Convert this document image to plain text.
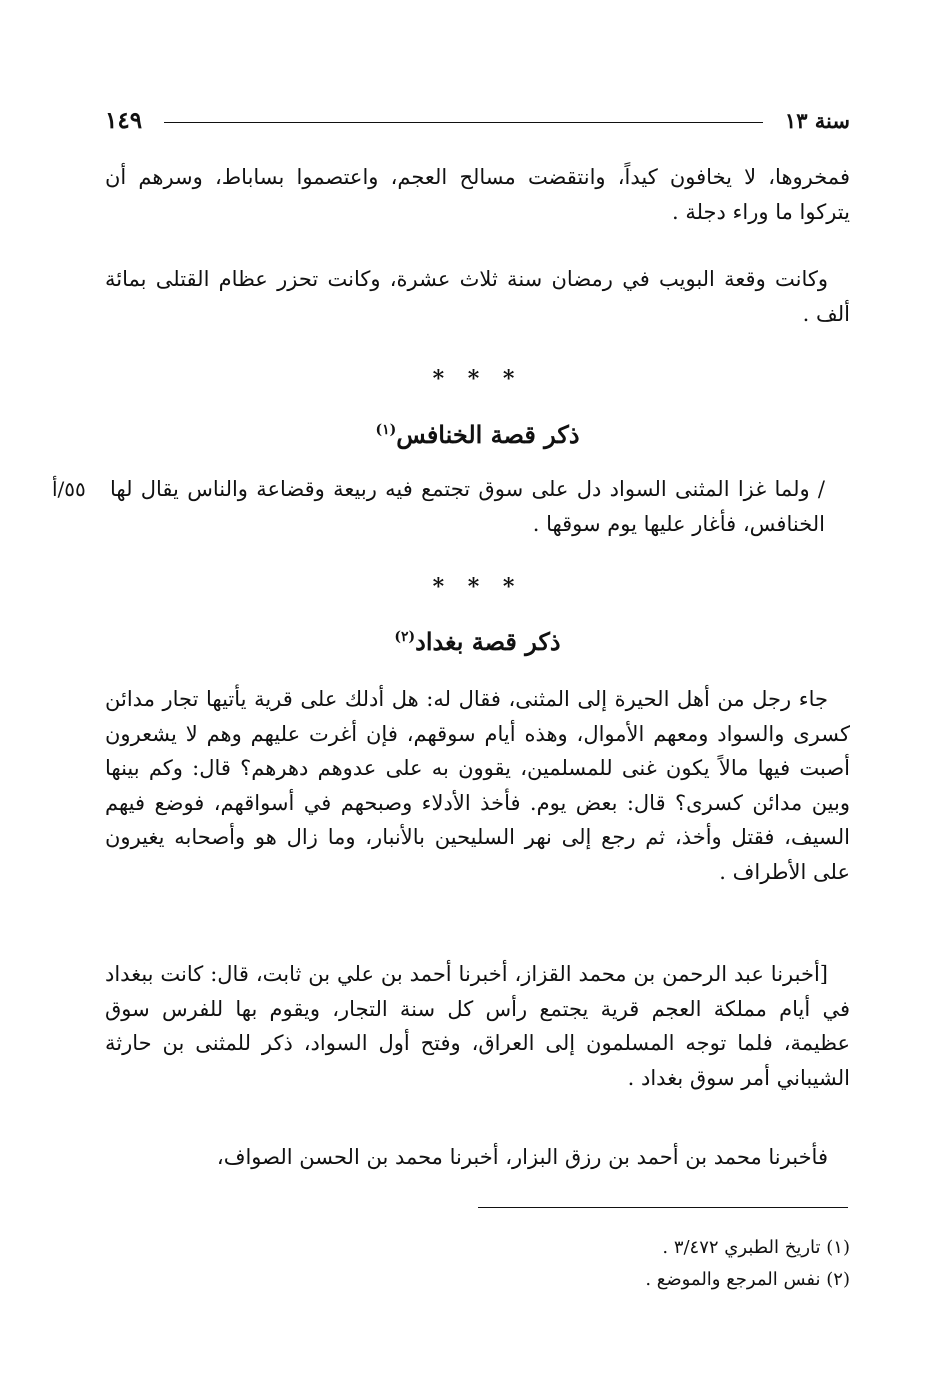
سنة ١٣
١٤٩
فمخروها، لا يخافون كيداً، وانتقضت مسالح العجم، واعتصموا بساباط، وسرهم أن يتركوا ما وراء دجلة .
وكانت وقعة البويب في رمضان سنة ثلاث عشرة، وكانت تحزر عظام القتلى بمائة ألف .
* * *
ذكر قصة الخنافس$^{(١)}$
٥٥/أ / ولما غزا المثنى السواد دل على سوق تجتمع فيه ربيعة وقضاعة والناس يقال لها الخنافس، فأغار عليها يوم سوقها .
* * *
ذكر قصة بغداد$^{(٢)}$
جاء رجل من أهل الحيرة إلى المثنى، فقال له: هل أدلك على قرية يأتيها تجار مدائن كسرى والسواد ومعهم الأموال، وهذه أيام سوقهم، فإن أغرت عليهم وهم لا يشعرون أصبت فيها مالاً يكون غنى للمسلمين، يقوون به على عدوهم دهرهم؟ قال: وكم بينها وبين مدائن كسرى؟ قال: بعض يوم. فأخذ الأدلاء وصبحهم في أسواقهم، فوضع فيهم السيف، فقتل وأخذ، ثم رجع إلى نهر السليحين بالأنبار، وما زال هو وأصحابه يغيرون على الأطراف .
[أخبرنا عبد الرحمن بن محمد القزاز، أخبرنا أحمد بن علي بن ثابت، قال: كانت ببغداد في أيام مملكة العجم قرية يجتمع رأس كل سنة التجار، ويقوم بها للفرس سوق عظيمة، فلما توجه المسلمون إلى العراق، وفتح أول السواد، ذكر للمثنى بن حارثة الشيباني أمر سوق بغداد .
فأخبرنا محمد بن أحمد بن رزق البزار، أخبرنا محمد بن الحسن الصواف،
(١) تاريخ الطبري ٣/٤٧٢ .
(٢) نفس المرجع والموضع .
